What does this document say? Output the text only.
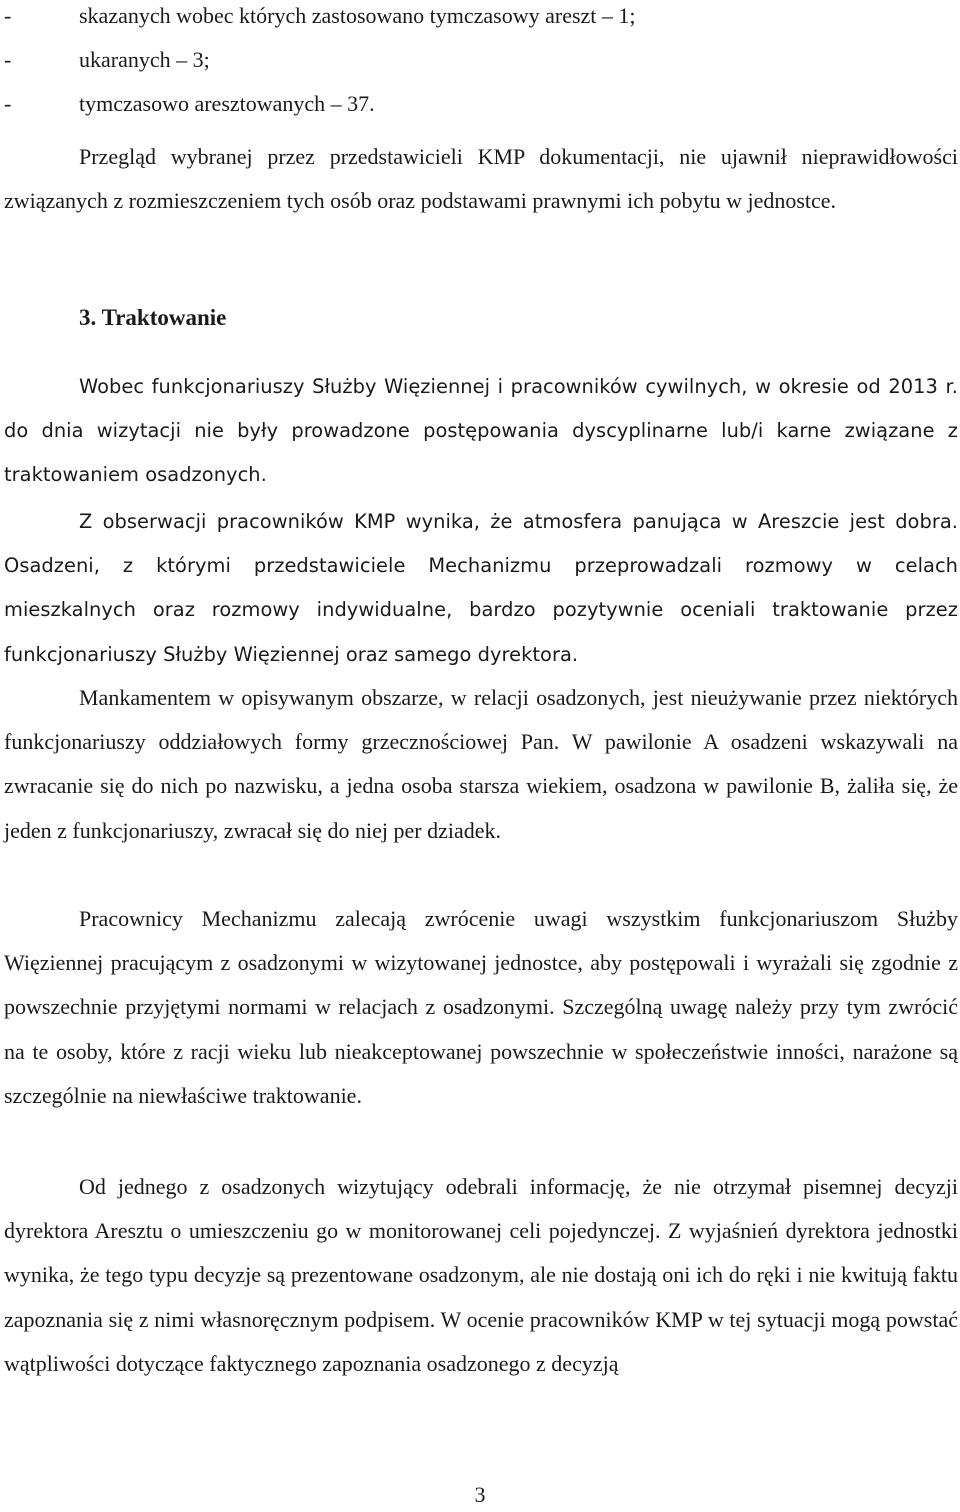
-	skazanych wobec których zastosowano tymczasowy areszt – 1;
-	ukaranych – 3;
-	tymczasowo aresztowanych – 37.

Przegląd wybranej przez przedstawicieli KMP dokumentacji, nie ujawnił nieprawidłowości związanych z rozmieszczeniem tych osób oraz podstawami prawnymi ich pobytu w jednostce.

3. Traktowanie

Wobec funkcjonariuszy Służby Więziennej i pracowników cywilnych, w okresie od 2013 r. do dnia wizytacji nie były prowadzone postępowania dyscyplinarne lub/i karne związane z traktowaniem osadzonych.

Z obserwacji pracowników KMP wynika, że atmosfera panująca w Areszcie jest dobra. Osadzeni, z którymi przedstawiciele Mechanizmu przeprowadzali rozmowy w celach mieszkalnych oraz rozmowy indywidualne, bardzo pozytywnie oceniali traktowanie przez funkcjonariuszy Służby Więziennej oraz samego dyrektora.

Mankamentem w opisywanym obszarze, w relacji osadzonych, jest nieużywanie przez niektórych funkcjonariuszy oddziałowych formy grzecznościowej Pan. W pawilonie A osadzeni wskazywali na zwracanie się do nich po nazwisku, a jedna osoba starsza wiekiem, osadzona w pawilonie B, żaliła się, że jeden z funkcjonariuszy, zwracał się do niej per dziadek.

Pracownicy Mechanizmu zalecają zwrócenie uwagi wszystkim funkcjonariuszom Służby Więziennej pracującym z osadzonymi w wizytowanej jednostce, aby postępowali i wyrażali się zgodnie z powszechnie przyjętymi normami w relacjach z osadzonymi. Szczególną uwagę należy przy tym zwrócić na te osoby, które z racji wieku lub nieakceptowanej powszechnie w społeczeństwie inności, narażone są szczególnie na niewłaściwe traktowanie.

Od jednego z osadzonych wizytujący odebrali informację, że nie otrzymał pisemnej decyzji dyrektora Aresztu o umieszczeniu go w monitorowanej celi pojedynczej. Z wyjaśnień dyrektora jednostki wynika, że tego typu decyzje są prezentowane osadzonym, ale nie dostają oni ich do ręki i nie kwitują faktu zapoznania się z nimi własnoręcznym podpisem. W ocenie pracowników KMP w tej sytuacji mogą powstać wątpliwości dotyczące faktycznego zapoznania osadzonego z decyzją

3
